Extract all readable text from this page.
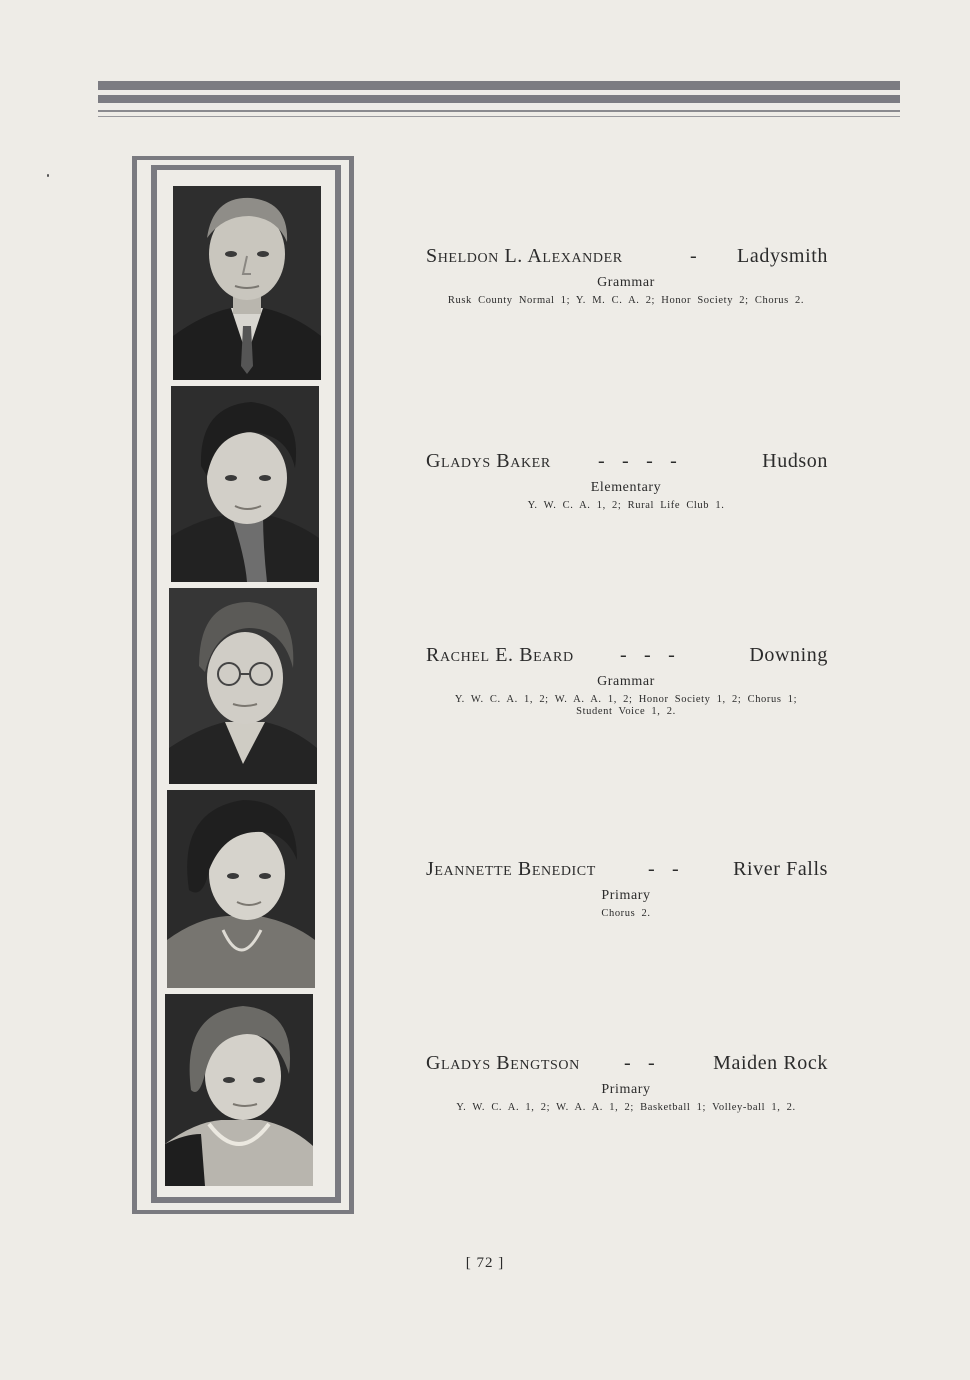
Sheldon L. Alexander	- Ladysmith
Grammar
Rusk County Normal 1; Y. M. C. A. 2; Honor Society 2; Chorus 2.
Gladys Baker -   -   -   -	Hudson
Elementary
Y. W. C. A. 1, 2; Rural Life Club 1.
Rachel E. Beard -   -   -	Downing
Grammar
Y. W. C. A. 1, 2; W. A. A. 1, 2; Honor Society 1, 2; Chorus 1; Student Voice 1, 2.
Jeannette Benedict	-   -	River Falls
Primary
Chorus 2.
Gladys Bengtson -   -	Maiden Rock
Primary
Y. W. C. A. 1, 2; W. A. A. 1, 2; Basketball 1; Volley-ball 1, 2.
[ 72 ]
